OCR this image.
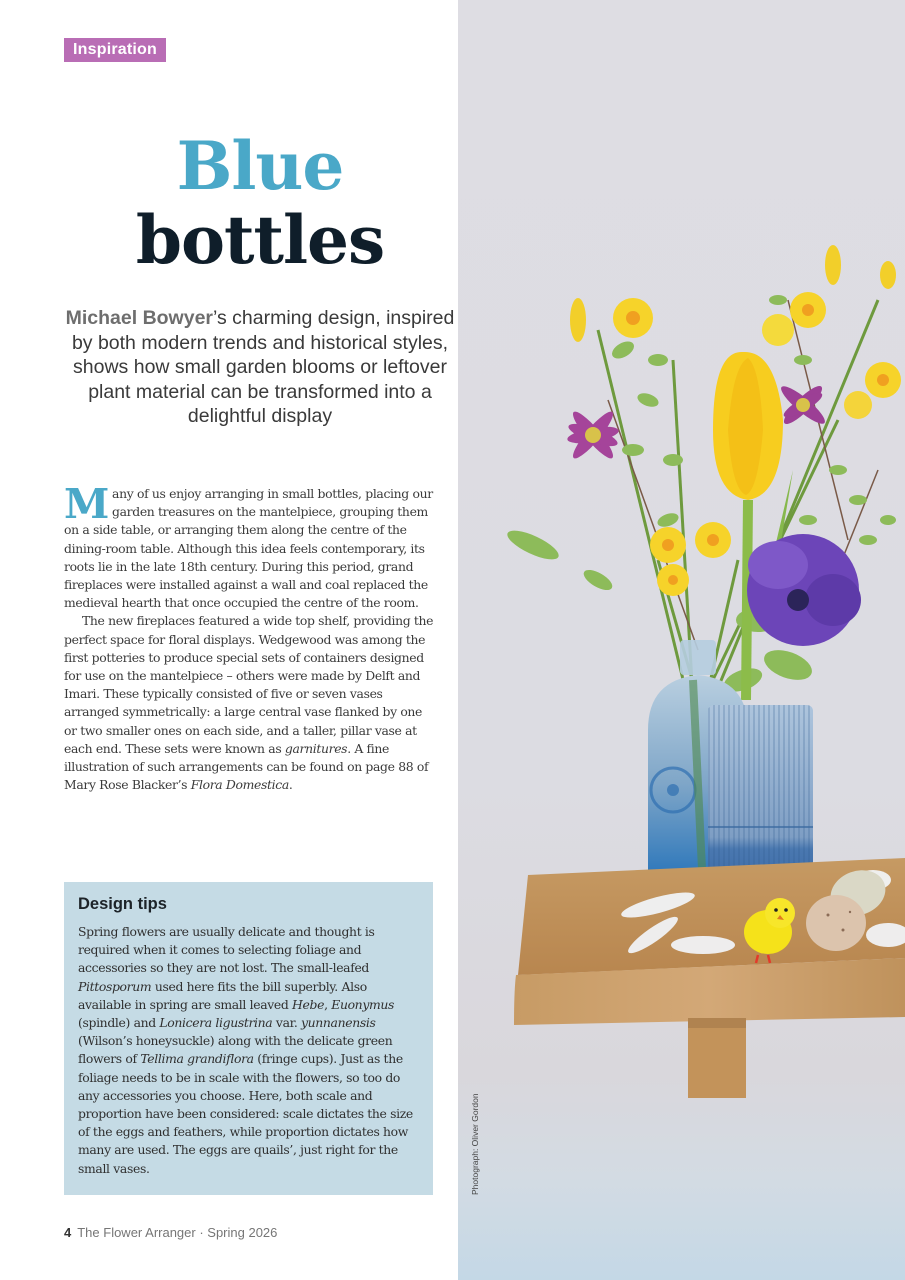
Inspiration
Blue
bottles
Michael Bowyer’s charming design, inspired by both modern trends and historical styles, shows how small garden blooms or leftover plant material can be transformed into a delightful display

Many of us enjoy arranging in small bottles, placing our garden treasures on the mantelpiece, grouping them on a side table, or arranging them along the centre of the dining-room table. Although this idea feels contemporary, its roots lie in the late 18th century. During this period, grand fireplaces were installed against a wall and coal replaced the medieval hearth that once occupied the centre of the room.

The new fireplaces featured a wide top shelf, providing the perfect space for floral displays. Wedgewood was among the first potteries to produce special sets of containers designed for use on the mantelpiece – others were made by Delft and Imari. These typically consisted of five or seven vases arranged symmetrically: a large central vase flanked by one or two smaller ones on each side, and a taller, pillar vase at each end. These sets were known as garnitures. A fine illustration of such arrangements can be found on page 88 of Mary Rose Blacker’s Flora Domestica.

Design tips
Spring flowers are usually delicate and thought is required when it comes to selecting foliage and accessories so they are not lost. The small-leafed Pittosporum used here fits the bill superbly. Also available in spring are small leaved Hebe, Euonymus (spindle) and Lonicera ligustrina var. yunnanensis (Wilson’s honeysuckle) along with the delicate green flowers of Tellima grandiflora (fringe cups). Just as the foliage needs to be in scale with the flowers, so too do any accessories you choose. Here, both scale and proportion have been considered: scale dictates the size of the eggs and feathers, while proportion dictates how many are used. The eggs are quails’, just right for the small vases.
4 The Flower Arranger · Spring 2026
Photograph: Oliver Gordon
